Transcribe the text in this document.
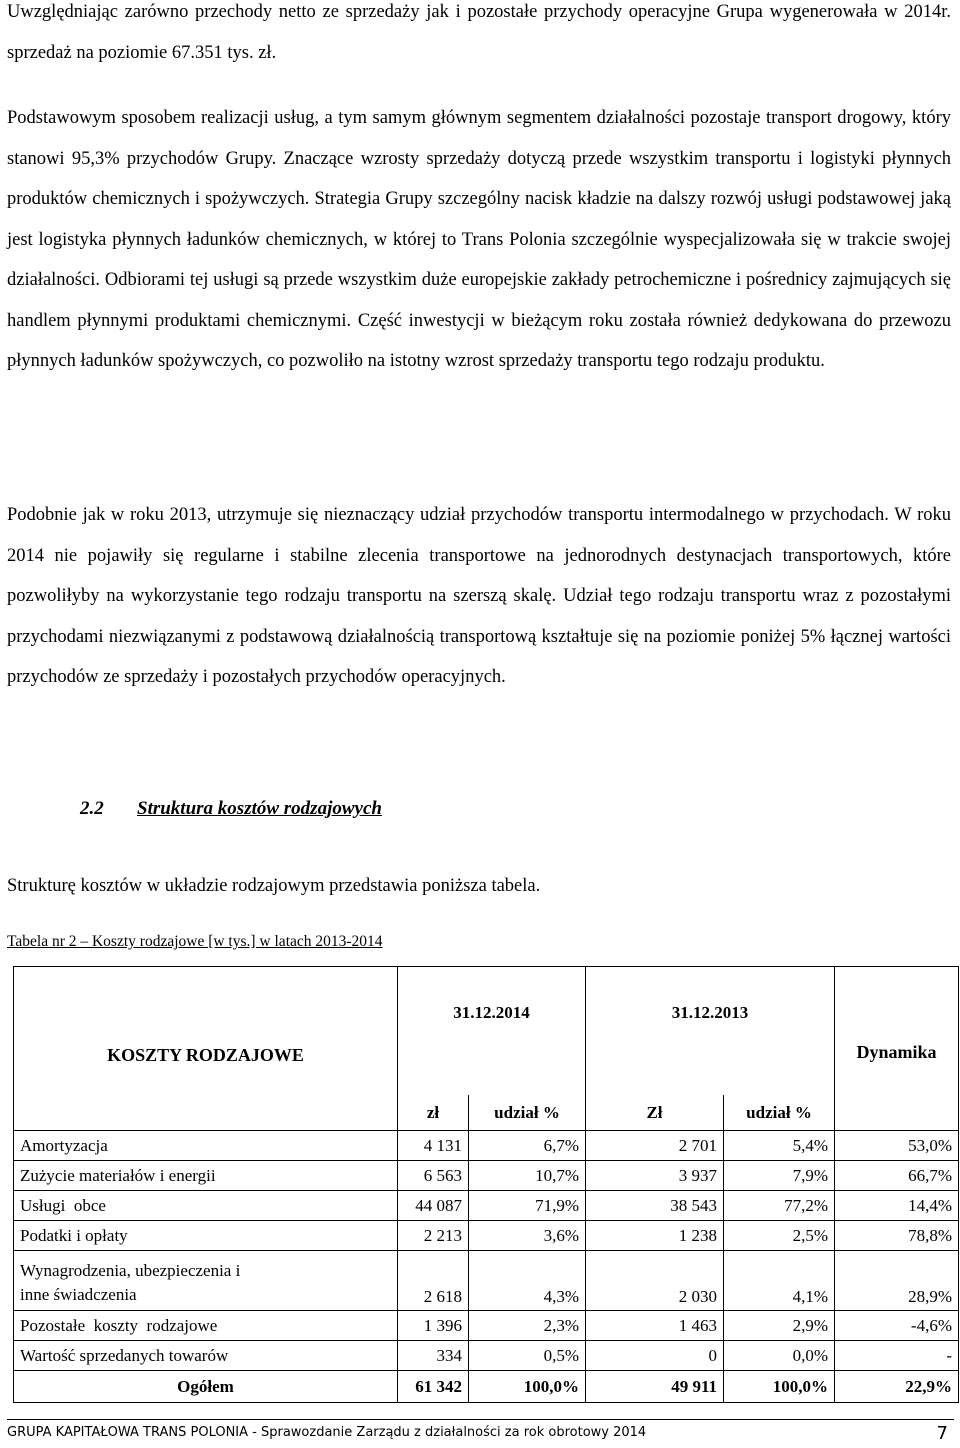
Uwzględniając zarówno przechody netto ze sprzedaży jak i pozostałe przychody operacyjne Grupa wygenerowała w 2014r. sprzedaż na poziomie 67.351 tys. zł.

Podstawowym sposobem realizacji usług, a tym samym głównym segmentem działalności pozostaje transport drogowy, który stanowi 95,3% przychodów Grupy. Znaczące wzrosty sprzedaży dotyczą przede wszystkim transportu i logistyki płynnych produktów chemicznych i spożywczych. Strategia Grupy szczególny nacisk kładzie na dalszy rozwój usługi podstawowej jaką jest logistyka płynnych ładunków chemicznych, w której to Trans Polonia szczególnie wyspecjalizowała się w trakcie swojej działalności. Odbiorami tej usługi są przede wszystkim duże europejskie zakłady petrochemiczne i pośrednicy zajmujących się handlem płynnymi produktami chemicznymi. Część inwestycji w bieżącym roku została również dedykowana do przewozu płynnych ładunków spożywczych, co pozwoliło na istotny wzrost sprzedaży transportu tego rodzaju produktu.

Podobnie jak w roku 2013, utrzymuje się nieznaczący udział przychodów transportu intermodalnego w przychodach. W roku 2014 nie pojawiły się regularne i stabilne zlecenia transportowe na jednorodnych destynacjach transportowych, które pozwoliłyby na wykorzystanie tego rodzaju transportu na szerszą skalę. Udział tego rodzaju transportu wraz z pozostałymi przychodami niezwiązanymi z podstawową działalnością transportową kształtuje się na poziomie poniżej 5% łącznej wartości przychodów ze sprzedaży i pozostałych przychodów operacyjnych.

2.2 Struktura kosztów rodzajowych

Strukturę kosztów w układzie rodzajowym przedstawia poniższa tabela.

Tabela nr 2 – Koszty rodzajowe [w tys.] w latach 2013-2014

KOSZTY RODZAJOWE	31.12.2014		31.12.2013		Dynamika
	zł	udział %	Zł	udział %	
Amortyzacja	4 131	6,7%	2 701	5,4%	53,0%
Zużycie materiałów i energii	6 563	10,7%	3 937	7,9%	66,7%
Usługi  obce	44 087	71,9%	38 543	77,2%	14,4%
Podatki i opłaty	2 213	3,6%	1 238	2,5%	78,8%
Wynagrodzenia, ubezpieczenia i inne świadczenia	2 618	4,3%	2 030	4,1%	28,9%
Pozostałe  koszty  rodzajowe	1 396	2,3%	1 463	2,9%	-4,6%
Wartość sprzedanych towarów	334	0,5%	0	0,0%	-
Ogółem	61 342	100,0%	49 911	100,0%	22,9%

GRUPA KAPITAŁOWA TRANS POLONIA - Sprawozdanie Zarządu z działalności za rok obrotowy 2014	7
